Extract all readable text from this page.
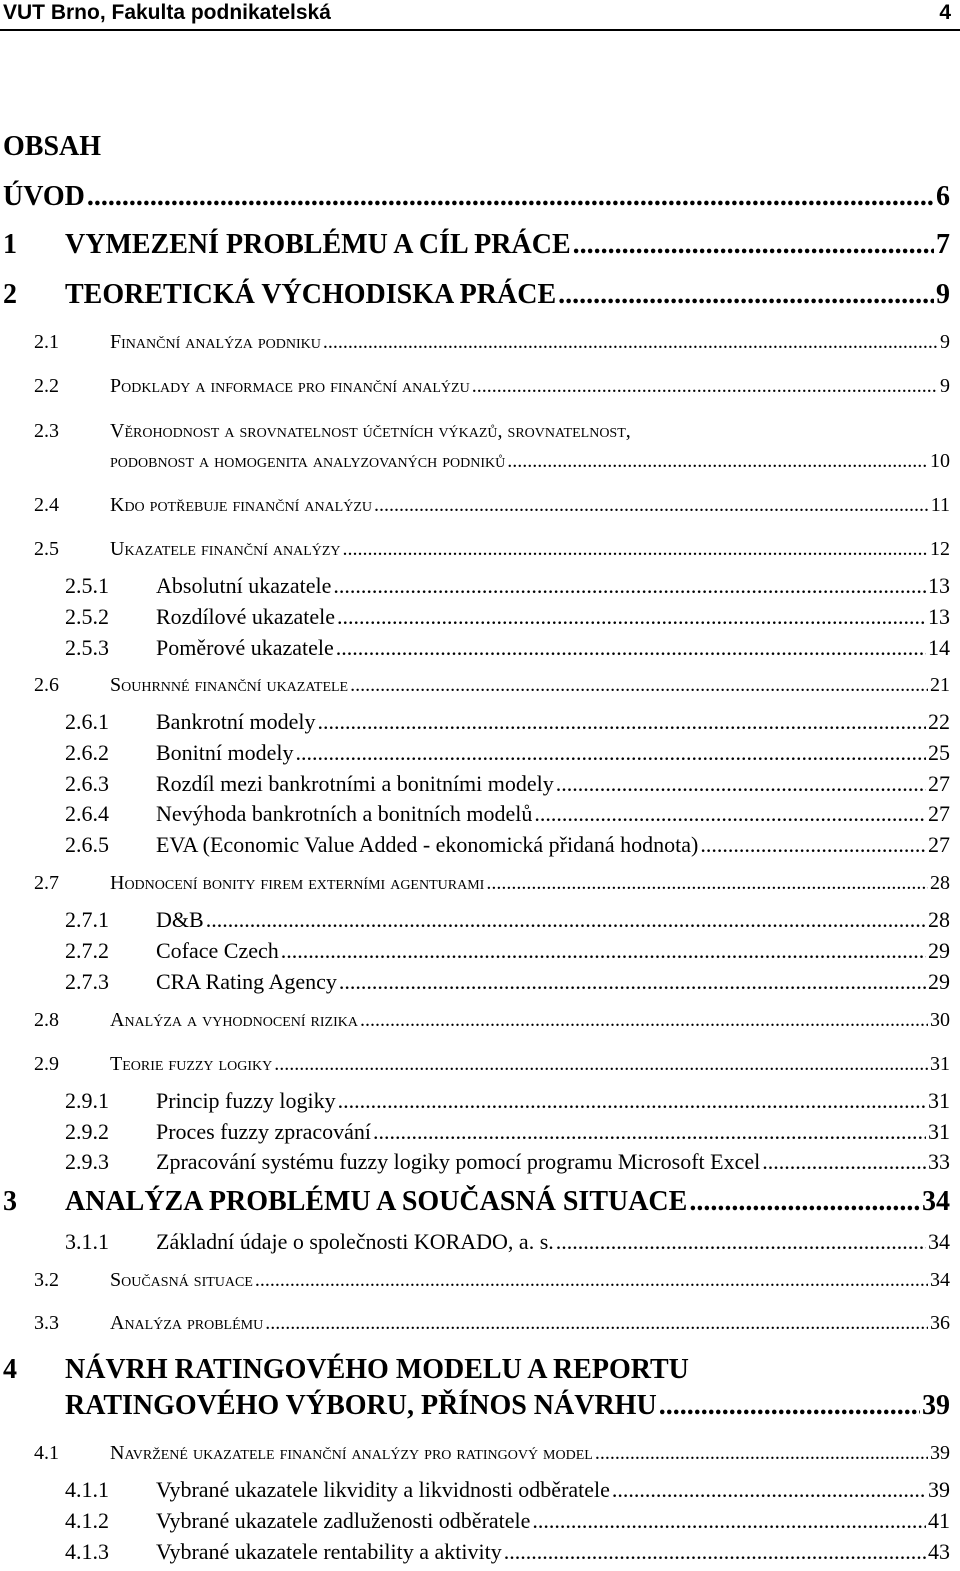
VUT Brno, Fakulta podnikatelská	4
OBSAH
ÚVOD .....	6
1 VYMEZENÍ PROBLÉMU A CÍL PRÁCE .....	7
2 TEORETICKÁ VÝCHODISKA PRÁCE .....	9
2.1	Finanční analýza podniku .....	9
2.2	Podklady a informace pro finanční analýzu .....	9
2.3	Věrohodnost a srovnatelnost účetních výkazů, srovnatelnost,
podobnost a homogenita analyzovaných podniků .....	10
2.4	Kdo potřebuje finanční analýzu .....	11
2.5	Ukazatele finanční analýzy .....	12
2.5.1 Absolutní ukazatele .....	13
2.5.2 Rozdílové ukazatele .....	13
2.5.3 Poměrové ukazatele .....	14
2.6	Souhrnné finanční ukazatele .....	21
2.6.1 Bankrotní modely .....	22
2.6.2 Bonitní modely .....	25
2.6.3 Rozdíl mezi bankrotními a bonitními modely .....	27
2.6.4 Nevýhoda bankrotních a bonitních modelů .....	27
2.6.5 EVA (Economic Value Added - ekonomická přidaná hodnota) .....	27
2.7	Hodnocení bonity firem externími agenturami .....	28
2.7.1 D&B .....	28
2.7.2 Coface Czech .....	29
2.7.3 CRA Rating Agency .....	29
2.8	Analýza a vyhodnocení rizika .....	30
2.9	Teorie fuzzy logiky .....	31
2.9.1 Princip fuzzy logiky .....	31
2.9.2 Proces fuzzy zpracování .....	31
2.9.3 Zpracování systému fuzzy logiky pomocí programu Microsoft Excel .....	33
3 ANALÝZA PROBLÉMU A SOUČASNÁ SITUACE .....	34
3.1.1 Základní údaje o společnosti KORADO, a. s. .....	34
3.2	Současná situace .....	34
3.3	Analýza problému .....	36
4 NÁVRH RATINGOVÉHO MODELU A REPORTU
RATINGOVÉHO VÝBORU, PŘÍNOS NÁVRHU .....	39
4.1	Navržené ukazatele finanční analýzy pro ratingový model .....	39
4.1.1 Vybrané ukazatele likvidity a likvidnosti odběratele .....	39
4.1.2 Vybrané ukazatele zadluženosti odběratele .....	41
4.1.3 Vybrané ukazatele rentability a aktivity .....	43
